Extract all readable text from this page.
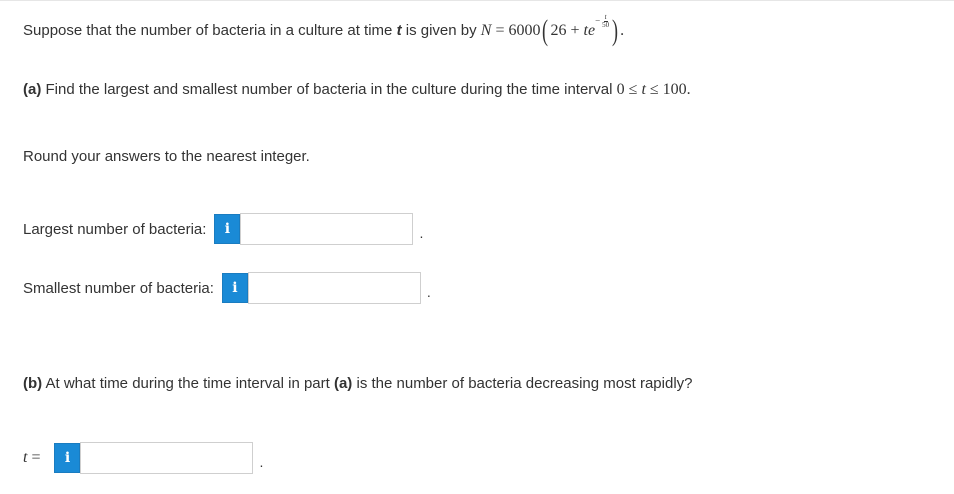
Suppose that the number of bacteria in a culture at time t is given by N = 6000( $26 + te- \frac{t}{50}$ ) .
(a) Find the largest and smallest number of bacteria in the culture during the time interval 0 ≤ t ≤ 100.
Round your answers to the nearest integer.
Largest number of bacteria:	i	.
Smallest number of bacteria:	i	.
(b) At what time during the time interval in part (a) is the number of bacteria decreasing most rapidly?
t =	i	.
